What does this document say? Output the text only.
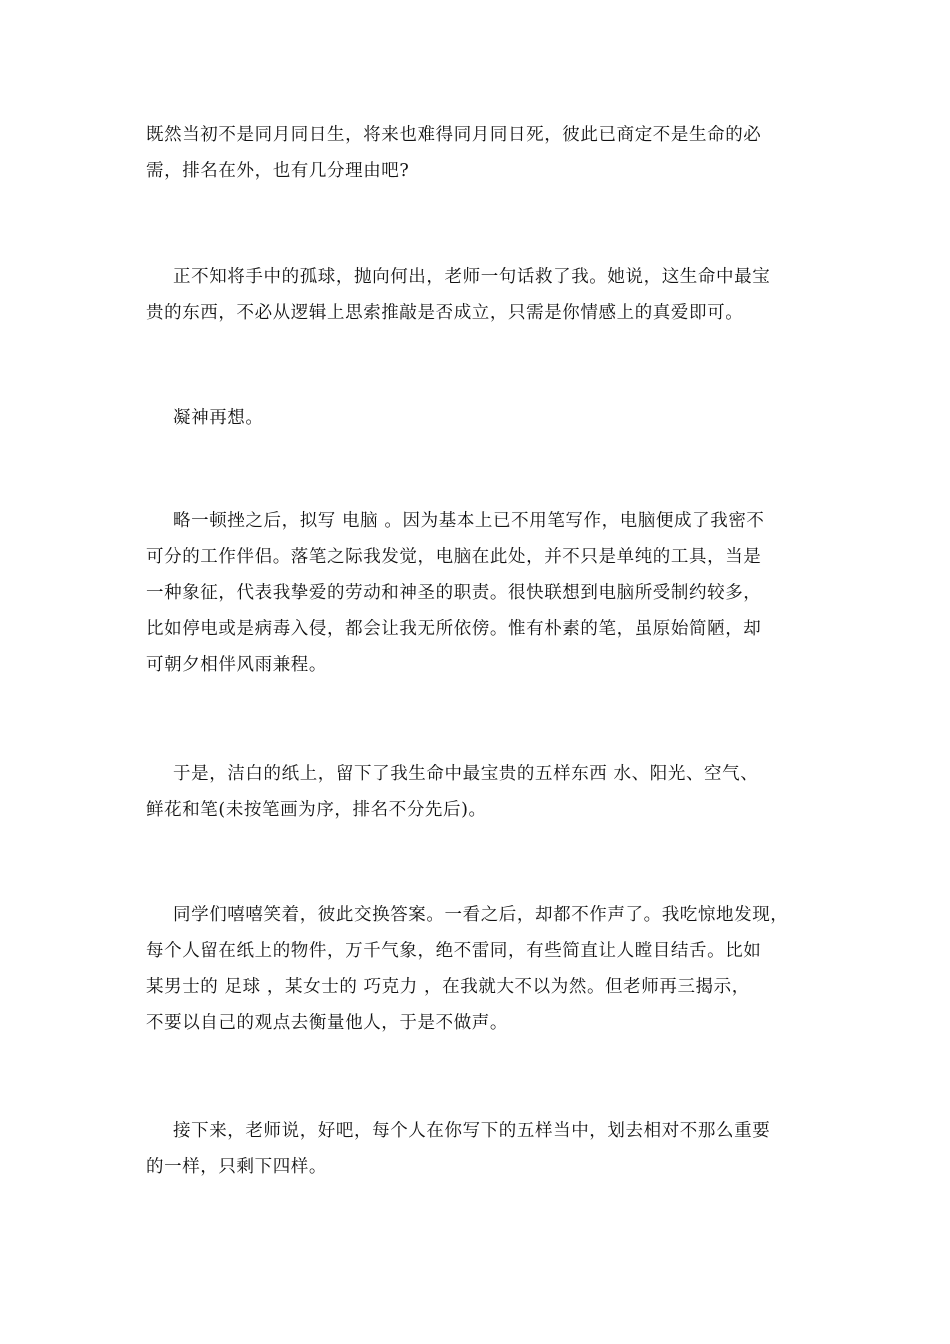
既然当初不是同月同日生，将来也难得同月同日死，彼此已商定不是生命的必
需，排名在外，也有几分理由吧?
正不知将手中的孤球，抛向何出，老师一句话救了我。她说，这生命中最宝
贵的东西，不必从逻辑上思索推敲是否成立，只需是你情感上的真爱即可。
凝神再想。
略一顿挫之后，拟写 电脑 。因为基本上已不用笔写作，电脑便成了我密不
可分的工作伴侣。落笔之际我发觉，电脑在此处，并不只是单纯的工具，当是
一种象征，代表我挚爱的劳动和神圣的职责。很快联想到电脑所受制约较多，
比如停电或是病毒入侵，都会让我无所依傍。惟有朴素的笔，虽原始简陋，却
可朝夕相伴风雨兼程。
于是，洁白的纸上，留下了我生命中最宝贵的五样东西 水、阳光、空气、
鲜花和笔(未按笔画为序，排名不分先后)。
同学们嘻嘻笑着，彼此交换答案。一看之后，却都不作声了。我吃惊地发现，
每个人留在纸上的物件，万千气象，绝不雷同，有些简直让人瞠目结舌。比如
某男士的 足球 ，某女士的 巧克力 ，在我就大不以为然。但老师再三揭示，
不要以自己的观点去衡量他人，于是不做声。
接下来，老师说，好吧，每个人在你写下的五样当中，划去相对不那么重要
的一样，只剩下四样。
